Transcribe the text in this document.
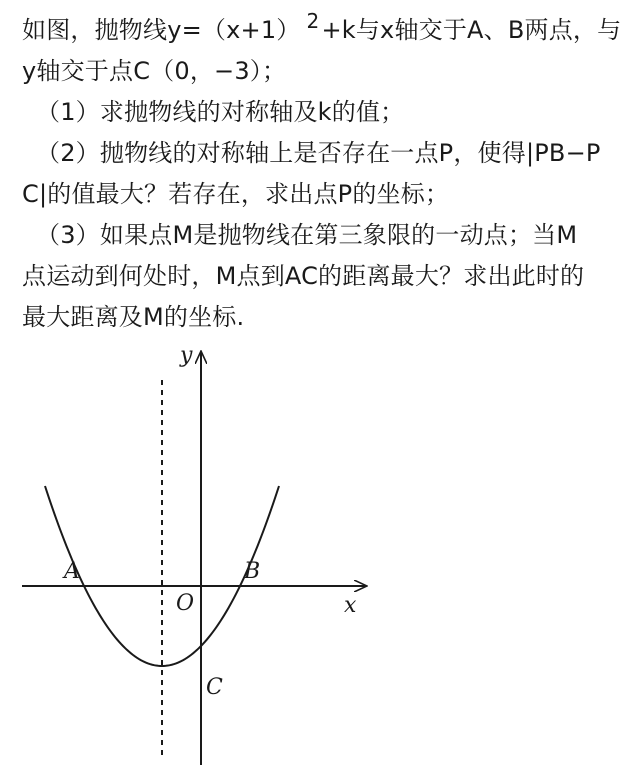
如图，抛物线y=（x+1） $^2$+k与x轴交于A、B两点，与
y轴交于点C（0，−3）；
（1）求抛物线的对称轴及k的值；
（2）抛物线的对称轴上是否存在一点P，使得|PB−P
C|的值最大？若存在，求出点P的坐标；
（3）如果点M是抛物线在第三象限的一动点；当M
点运动到何处时，M点到AC的距离最大？求出此时的
最大距离及M的坐标.
y
x
O
A	B
C
